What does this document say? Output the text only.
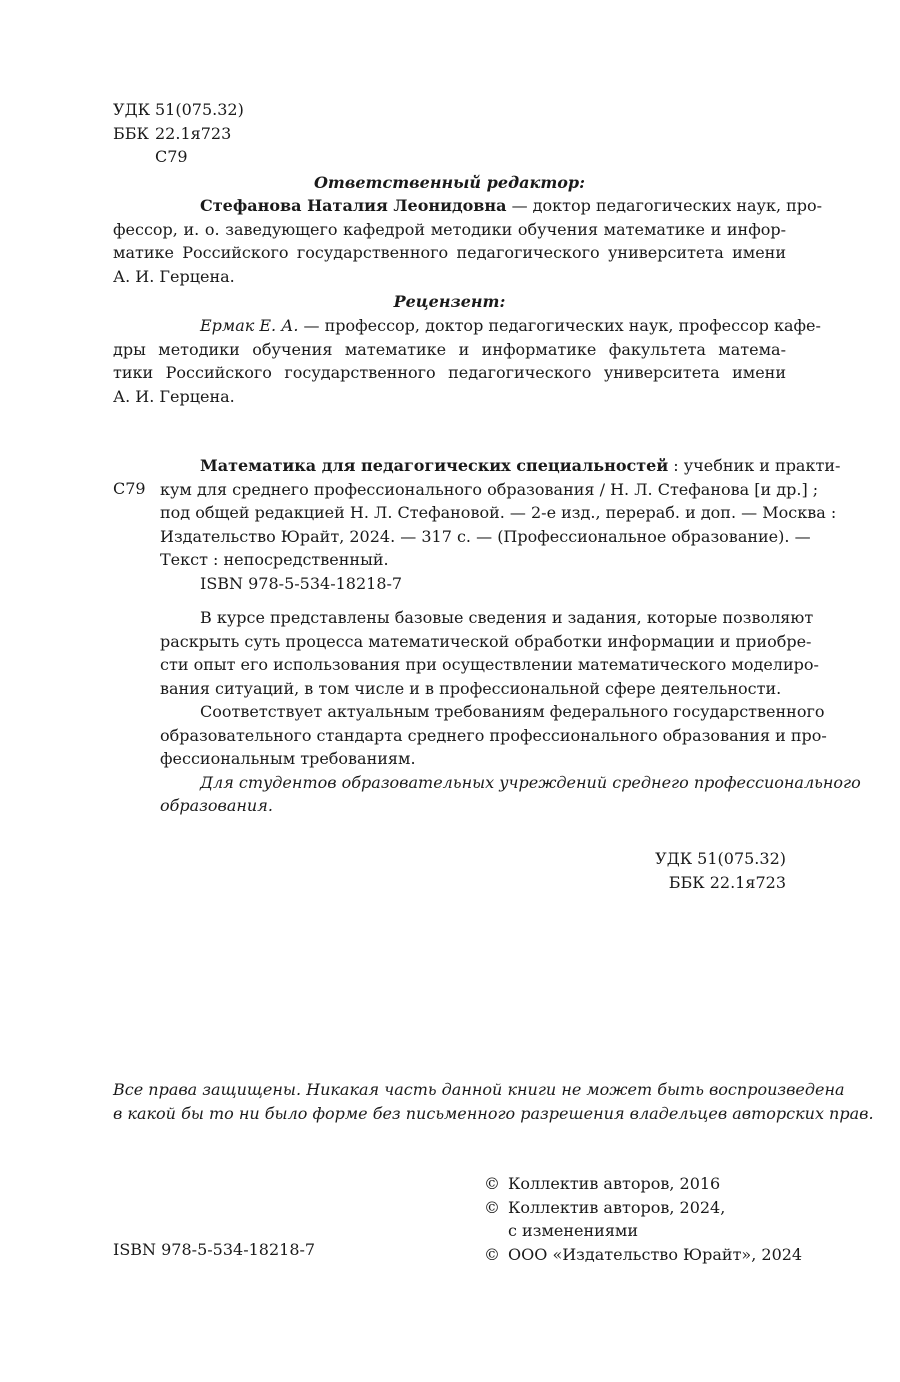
УДК 51(075.32)
ББК 22.1я723
С79
Ответственный редактор:
Стефанова Наталия Леонидовна — доктор педагогических наук, про-
фессор, и. о. заведующего кафедрой методики обучения математике и инфор-
матике Российского государственного педагогического университета имени
А. И. Герцена.
Рецензент:
Ермак Е. А. — профессор, доктор педагогических наук, профессор кафе-
дры методики обучения математике и информатике факультета матема-
тики Российского государственного педагогического университета имени
А. И. Герцена.
С79
Математика для педагогических специальностей : учебник и практи-
кум для среднего профессионального образования / Н. Л. Стефанова [и др.] ;
под общей редакцией Н. Л. Стефановой. — 2-е изд., перераб. и доп. — Москва :
Издательство Юрайт, 2024. — 317 с. — (Профессиональное образование). —
Текст : непосредственный.
ISBN 978-5-534-18218-7
В курсе представлены базовые сведения и задания, которые позволяют
раскрыть суть процесса математической обработки информации и приобре-
сти опыт его использования при осуществлении математического моделиро-
вания ситуаций, в том числе и в профессиональной сфере деятельности.
Соответствует актуальным требованиям федерального государственного
образовательного стандарта среднего профессионального образования и про-
фессиональным требованиям.
Для студентов образовательных учреждений среднего профессионального
образования.
УДК 51(075.32)
ББК 22.1я723
Все права защищены. Никакая часть данной книги не может быть воспроизведена
в какой бы то ни было форме без письменного разрешения владельцев авторских прав.
© Коллектив авторов, 2016
© Коллектив авторов, 2024,
с изменениями
© ООО «Издательство Юрайт», 2024
ISBN 978-5-534-18218-7
